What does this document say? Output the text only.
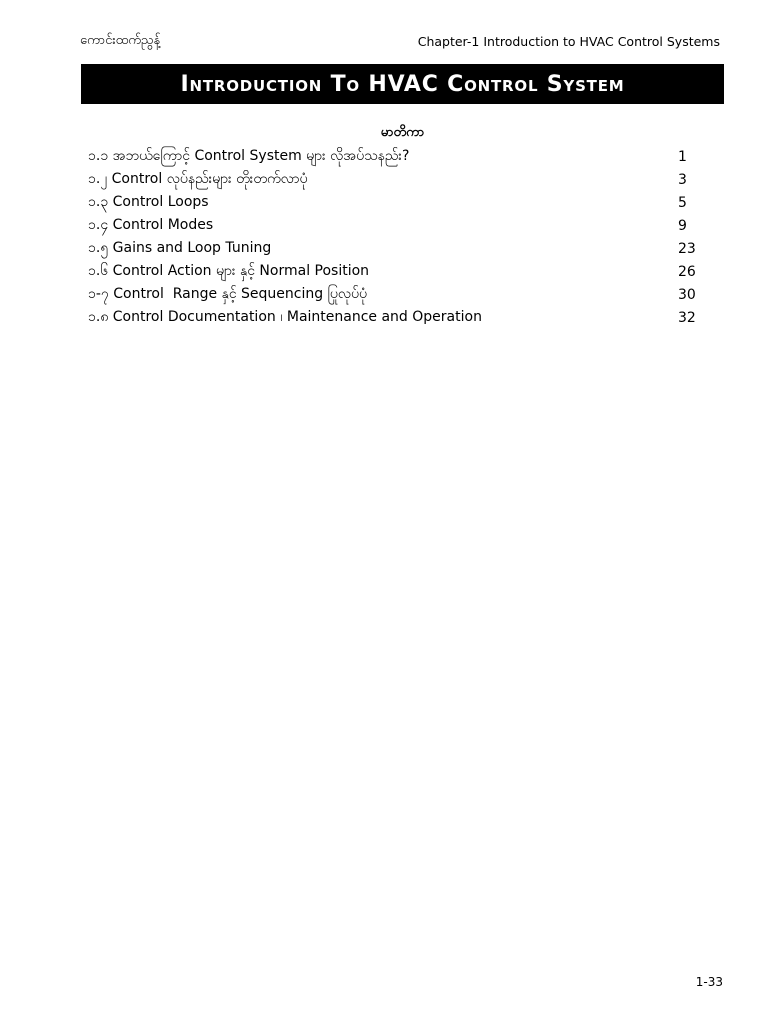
ကောင်းထက်ညွန့်	Chapter-1 Introduction to HVAC Control Systems
Introduction To HVAC Control System
မာတိကာ
၁.၁ အဘယ်ကြောင့် Control System များ လိုအပ်သနည်း?	1
၁.၂ Control လုပ်နည်းများ တိုးတက်လာပုံ	3
၁.၃ Control Loops	5
၁.၄ Control Modes	9
၁.၅ Gains and Loop Tuning	23
၁.၆ Control Action များ နှင့် Normal Position	26
၁-၇ Control  Range နှင့် Sequencing ပြုလုပ်ပုံ	30
၁.၈ Control Documentation ၊ Maintenance and Operation	32
1-33
